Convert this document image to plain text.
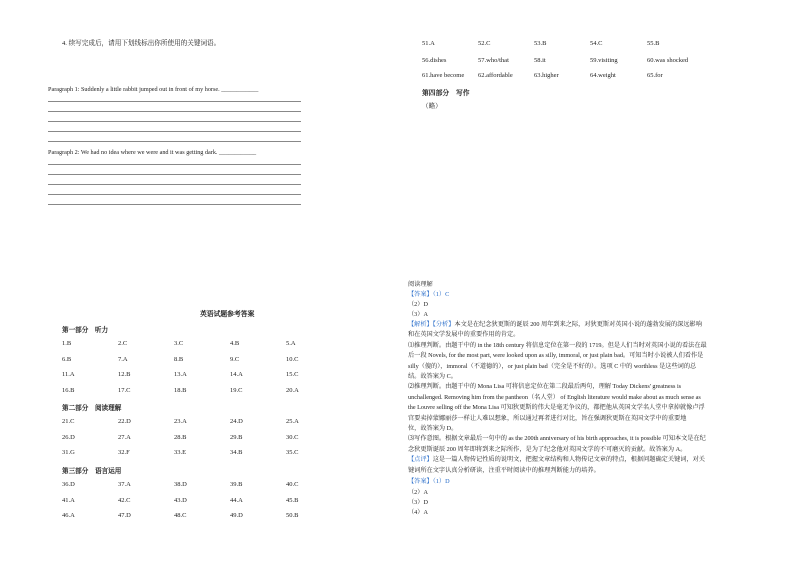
4. 续写完成后，请用下划线标出你所使用的关键词语。
Paragraph 1: Suddenly a little rabbit jumped out in front of my horse. ____________
Paragraph 2: We had no idea where we were and it was getting dark. ____________
51.A	52.C	53.B	54.C	55.B
56.dishes	57.who/that	58.it	59.visiting	60.was shocked
61.have become	62.affordable	63.higher	64.weight	65.for
第四部分　写作
（略）
英语试题参考答案
第一部分　听力
1.B	2.C	3.C	4.B	5.A
6.B	7.A	8.B	9.C	10.C
11.A	12.B	13.A	14.A	15.C
16.B	17.C	18.B	19.C	20.A
第二部分　阅读理解
21.C	22.D	23.A	24.D	25.A
26.D	27.A	28.B	29.B	30.C
31.G	32.F	33.E	34.B	35.C
第三部分　语言运用
36.D	37.A	38.D	39.B	40.C
41.A	42.C	43.D	44.A	45.B
46.A	47.D	48.C	49.D	50.B
阅读理解
【答案】（1）C
（2）D
（3）A
【解析】【分析】本文是在纪念狄更斯的诞辰 200 周年到来之际，对狄更斯对英国小说的蓬勃发展的深远影响
和在英国文学发展中的重要作用的肯定。
⑴推理判断。由题干中的 in the 18th century 将信息定位在第一段的 1719。但是人们当时对英国小说的看法在最
后一段 Novels, for the most part, were looked upon as silly, immoral, or just plain bad。可知当时小说被人们看作是
silly（傻的），immoral（不道德的），or just plain bad（完全是不好的）。选项 C 中的 worthless 是这些词的总
结。故答案为 C。
⑵推理判断。由题干中的 Mona Lisa 可将信息定位在第二段最后两句，理解 Today Dickens' greatness is
unchallenged. Removing him from the pantheon（名人堂） of English literature would make about as much sense as
the Louvre selling off the Mona Lisa 可知狄更斯的伟大是毫无争议的，都把他从英国文学名人堂中拿掉就像卢浮
宫要卖掉蒙娜丽莎一样让人难以想象，所以通过再者进行对比，旨在强调狄更斯在英国文学中的重要地
位，故答案为 D。
⑶写作意图。根据文章最后一句中的 as the 200th anniversary of his birth approaches, it is possible 可知本文是在纪
念狄更斯诞辰 200 周年即将到来之际所作，是为了纪念他对英国文学的不可磨灭的贡献。故答案为 A。
【点评】这是一篇人物传记性质的说明文，把握文章结构和人物传记文章的特点，根据问题确定关键词，对关
键词所在文字认真分析研读，注重平时阅读中的推理判断能力的培养。
【答案】（1）D
（2）A
（3）D
（4）A
